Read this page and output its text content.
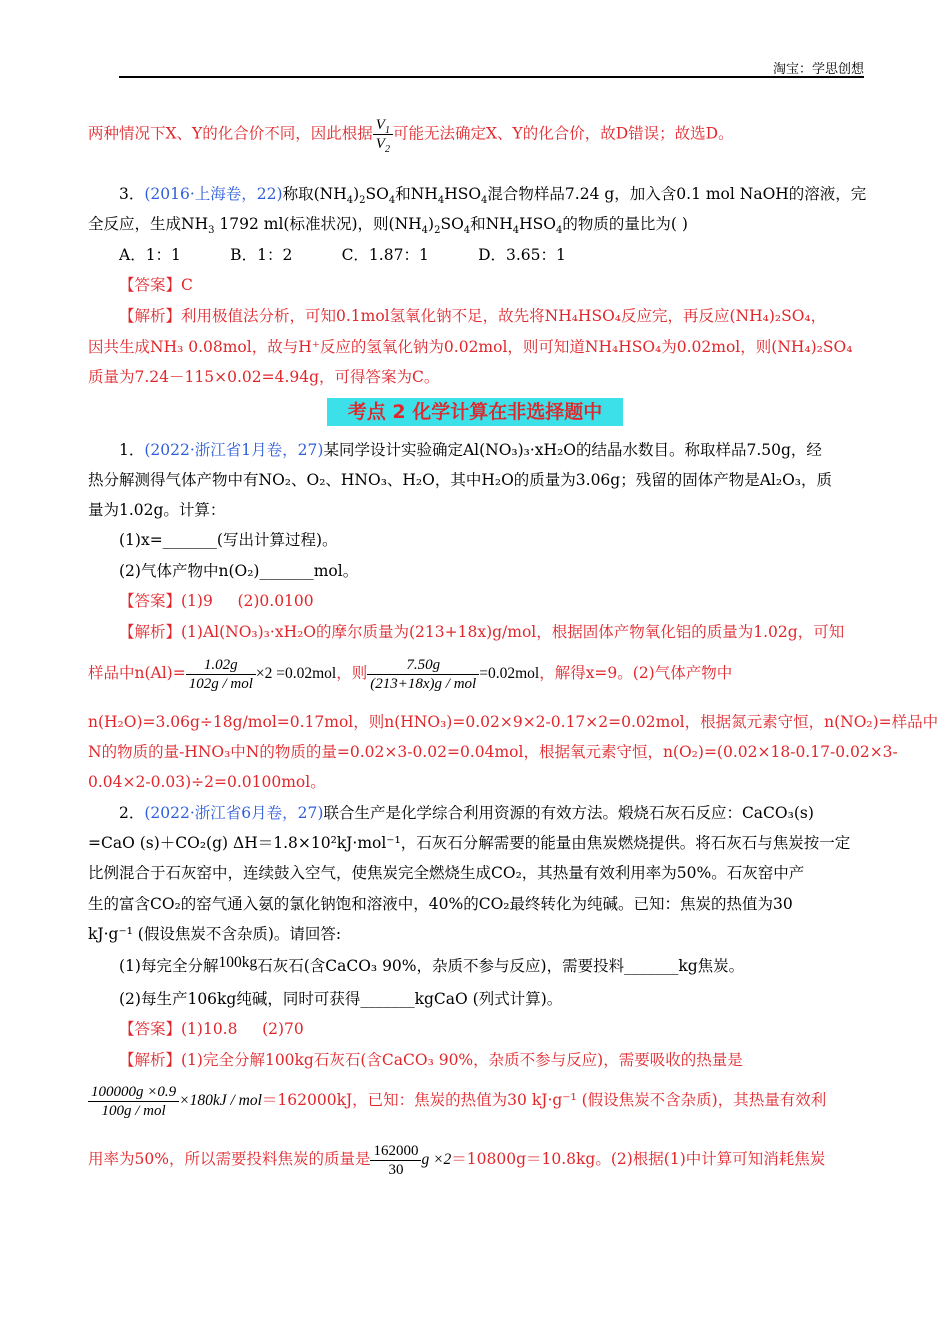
淘宝：学思创想
两种情况下X、Y的化合价不同，因此根据 $\frac{V_1}{V_2}$ 可能无法确定X、Y的化合价，故D错误；故选D。
3．(2016·上海卷，22)称取$(NH_4)_2SO_4$和$NH_4HSO_4$混合物样品7.24 g，加入含0.1 mol NaOH的溶液，完
全反应，生成$NH_3$ 1792 ml(标准状况)，则$(NH_4)_2SO_4$和$NH_4HSO_4$的物质的量比为( )
A．1：1          B．1：2          C．1.87：1          D．3.65：1
【答案】C
【解析】利用极值法分析，可知0.1mol氢氧化钠不足，故先将NH₄HSO₄反应完，再反应(NH₄)₂SO₄，
因共生成NH₃ 0.08mol，故与H⁺反应的氢氧化钠为0.02mol，则可知道NH₄HSO₄为0.02mol，则(NH₄)₂SO₄
质量为7.24－115×0.02=4.94g，可得答案为C。
考点 2 化学计算在非选择题中
1．(2022·浙江省1月卷，27)某同学设计实验确定Al(NO₃)₃·xH₂O的结晶水数目。称取样品7.50g，经
热分解测得气体产物中有NO₂、O₂、HNO₃、H₂O，其中H₂O的质量为3.06g；残留的固体产物是Al₂O₃，质
量为1.02g。计算：
(1)x=_______(写出计算过程)。
(2)气体产物中n(O₂)_______mol。
【答案】(1)9     (2)0.0100
【解析】(1)Al(NO₃)₃·xH₂O的摩尔质量为(213+18x)g/mol，根据固体产物氧化铝的质量为1.02g，可知
样品中$n(Al)= \frac{1.02g}{\text{102g / mol}} \times 2 =0.02mol$，则 $\frac{7.50g}{\text{(213+18x)g / mol}} =0.02mol$，解得x=9。(2)气体产物中
n(H₂O)=3.06g÷18g/mol=0.17mol，则n(HNO₃)=0.02×9×2-0.17×2=0.02mol，根据氮元素守恒，n(NO₂)=样品中
N的物质的量-HNO₃中N的物质的量=0.02×3-0.02=0.04mol，根据氧元素守恒，n(O₂)=(0.02×18-0.17-0.02×3-
0.04×2-0.03)÷2=0.0100mol。
2．(2022·浙江省6月卷，27)联合生产是化学综合利用资源的有效方法。煅烧石灰石反应：CaCO₃(s)
=CaO (s)＋CO₂(g) ΔH＝1.8×10²kJ·mol⁻¹，石灰石分解需要的能量由焦炭燃烧提供。将石灰石与焦炭按一定
比例混合于石灰窑中，连续鼓入空气，使焦炭完全燃烧生成CO₂，其热量有效利用率为50%。石灰窑中产
生的富含CO₂的窑气通入氨的氯化钠饱和溶液中，40%的CO₂最终转化为纯碱。已知：焦炭的热值为30
kJ·g⁻¹ (假设焦炭不含杂质)。请回答:
(1)每完全分解100kg石灰石(含CaCO₃ 90%，杂质不参与反应)，需要投料_______kg焦炭。
(2)每生产106kg纯碱，同时可获得_______kgCaO (列式计算)。
【答案】(1)10.8     (2)70
【解析】(1)完全分解100kg石灰石(含CaCO₃ 90%，杂质不参与反应)，需要吸收的热量是
$\frac{100000g \times 0.9}{\text{100g / mol}} \times 180kJ / mol=162000kJ$，已知：焦炭的热值为30 kJ·g⁻¹ (假设焦炭不含杂质)，其热量有效利
用率为50%，所以需要投料焦炭的质量是 $\frac{162000}{30}$ g ×2＝10800g＝10.8kg。(2)根据(1)中计算可知消耗焦炭
